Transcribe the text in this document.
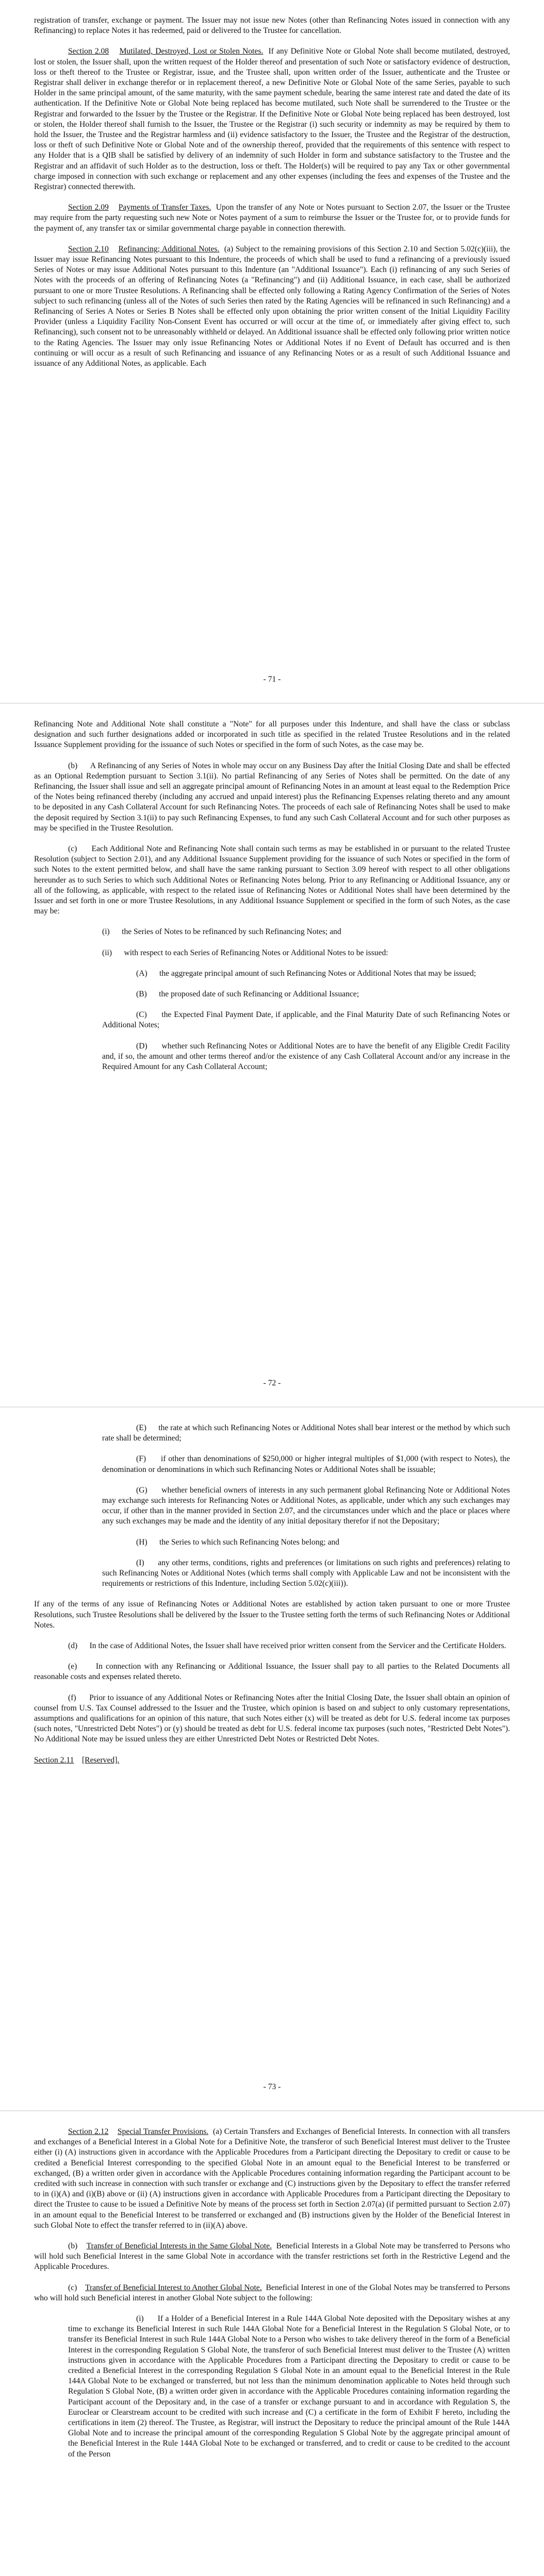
registration of transfer, exchange or payment. The Issuer may not issue new Notes (other than Refinancing Notes issued in connection with any Refinancing) to replace Notes it has redeemed, paid or delivered to the Trustee for cancellation.

Section 2.08 Mutilated, Destroyed, Lost or Stolen Notes. If any Definitive Note or Global Note shall become mutilated, destroyed, lost or stolen, the Issuer shall, upon the written request of the Holder thereof and presentation of such Note or satisfactory evidence of destruction, loss or theft thereof to the Trustee or Registrar, issue, and the Trustee shall, upon written order of the Issuer, authenticate and the Trustee or Registrar shall deliver in exchange therefor or in replacement thereof, a new Definitive Note or Global Note of the same Series, payable to such Holder in the same principal amount, of the same maturity, with the same payment schedule, bearing the same interest rate and dated the date of its authentication. If the Definitive Note or Global Note being replaced has become mutilated, such Note shall be surrendered to the Trustee or the Registrar and forwarded to the Issuer by the Trustee or the Registrar. If the Definitive Note or Global Note being replaced has been destroyed, lost or stolen, the Holder thereof shall furnish to the Issuer, the Trustee or the Registrar (i) such security or indemnity as may be required by them to hold the Issuer, the Trustee and the Registrar harmless and (ii) evidence satisfactory to the Issuer, the Trustee and the Registrar of the destruction, loss or theft of such Definitive Note or Global Note and of the ownership thereof, provided that the requirements of this sentence with respect to any Holder that is a QIB shall be satisfied by delivery of an indemnity of such Holder in form and substance satisfactory to the Trustee and the Registrar and an affidavit of such Holder as to the destruction, loss or theft. The Holder(s) will be required to pay any Tax or other governmental charge imposed in connection with such exchange or replacement and any other expenses (including the fees and expenses of the Trustee and the Registrar) connected therewith.

Section 2.09 Payments of Transfer Taxes. Upon the transfer of any Note or Notes pursuant to Section 2.07, the Issuer or the Trustee may require from the party requesting such new Note or Notes payment of a sum to reimburse the Issuer or the Trustee for, or to provide funds for the payment of, any transfer tax or similar governmental charge payable in connection therewith.

Section 2.10 Refinancing; Additional Notes. (a) Subject to the remaining provisions of this Section 2.10 and Section 5.02(c)(iii), the Issuer may issue Refinancing Notes pursuant to this Indenture, the proceeds of which shall be used to fund a refinancing of a previously issued Series of Notes or may issue Additional Notes pursuant to this Indenture (an "Additional Issuance"). Each (i) refinancing of any such Series of Notes with the proceeds of an offering of Refinancing Notes (a "Refinancing") and (ii) Additional Issuance, in each case, shall be authorized pursuant to one or more Trustee Resolutions. A Refinancing shall be effected only following a Rating Agency Confirmation of the Series of Notes subject to such refinancing (unless all of the Notes of such Series then rated by the Rating Agencies will be refinanced in such Refinancing) and a Refinancing of Series A Notes or Series B Notes shall be effected only upon obtaining the prior written consent of the Initial Liquidity Facility Provider (unless a Liquidity Facility Non-Consent Event has occurred or will occur at the time of, or immediately after giving effect to, such Refinancing), such consent not to be unreasonably withheld or delayed. An Additional issuance shall be effected only following prior written notice to the Rating Agencies. The Issuer may only issue Refinancing Notes or Additional Notes if no Event of Default has occurred and is then continuing or will occur as a result of such Refinancing and issuance of any Refinancing Notes or as a result of such Additional Issuance and issuance of any Additional Notes, as applicable. Each

- 71 -

Refinancing Note and Additional Note shall constitute a "Note" for all purposes under this Indenture, and shall have the class or subclass designation and such further designations added or incorporated in such title as specified in the related Trustee Resolutions and in the related Issuance Supplement providing for the issuance of such Notes or specified in the form of such Notes, as the case may be.

(b)      A Refinancing of any Series of Notes in whole may occur on any Business Day after the Initial Closing Date and shall be effected as an Optional Redemption pursuant to Section 3.1(ii). No partial Refinancing of any Series of Notes shall be permitted. On the date of any Refinancing, the Issuer shall issue and sell an aggregate principal amount of Refinancing Notes in an amount at least equal to the Redemption Price of the Notes being refinanced thereby (including any accrued and unpaid interest) plus the Refinancing Expenses relating thereto and any amount to be deposited in any Cash Collateral Account for such Refinancing Notes. The proceeds of each sale of Refinancing Notes shall be used to make the deposit required by Section 3.1(ii) to pay such Refinancing Expenses, to fund any such Cash Collateral Account and for such other purposes as may be specified in the Trustee Resolution.

(c)      Each Additional Note and Refinancing Note shall contain such terms as may be established in or pursuant to the related Trustee Resolution (subject to Section 2.01), and any Additional Issuance Supplement providing for the issuance of such Notes or specified in the form of such Notes to the extent permitted below, and shall have the same ranking pursuant to Section 3.09 hereof with respect to all other obligations hereunder as to such Series to which such Additional Notes or Refinancing Notes belong. Prior to any Refinancing or Additional Issuance, any or all of the following, as applicable, with respect to the related issue of Refinancing Notes or Additional Notes shall have been determined by the Issuer and set forth in one or more Trustee Resolutions, in any Additional Issuance Supplement or specified in the form of such Notes, as the case may be:

(i)      the Series of Notes to be refinanced by such Refinancing Notes; and

(ii)      with respect to each Series of Refinancing Notes or Additional Notes to be issued:

(A)      the aggregate principal amount of such Refinancing Notes or Additional Notes that may be issued;

(B)      the proposed date of such Refinancing or Additional Issuance;

(C)      the Expected Final Payment Date, if applicable, and the Final Maturity Date of such Refinancing Notes or Additional Notes;

(D)      whether such Refinancing Notes or Additional Notes are to have the benefit of any Eligible Credit Facility and, if so, the amount and other terms thereof and/or the existence of any Cash Collateral Account and/or any increase in the Required Amount for any Cash Collateral Account;

- 72 -

(E)      the rate at which such Refinancing Notes or Additional Notes shall bear interest or the method by which such rate shall be determined;

(F)      if other than denominations of $250,000 or higher integral multiples of $1,000 (with respect to Notes), the denomination or denominations in which such Refinancing Notes or Additional Notes shall be issuable;

(G)      whether beneficial owners of interests in any such permanent global Refinancing Note or Additional Notes may exchange such interests for Refinancing Notes or Additional Notes, as applicable, under which any such exchanges may occur, if other than in the manner provided in Section 2.07, and the circumstances under which and the place or places where any such exchanges may be made and the identity of any initial depositary therefor if not the Depositary;

(H)      the Series to which such Refinancing Notes belong; and

(I)      any other terms, conditions, rights and preferences (or limitations on such rights and preferences) relating to such Refinancing Notes or Additional Notes (which terms shall comply with Applicable Law and not be inconsistent with the requirements or restrictions of this Indenture, including Section 5.02(c)(iii)).

If any of the terms of any issue of Refinancing Notes or Additional Notes are established by action taken pursuant to one or more Trustee Resolutions, such Trustee Resolutions shall be delivered by the Issuer to the Trustee setting forth the terms of such Refinancing Notes or Additional Notes.

(d)      In the case of Additional Notes, the Issuer shall have received prior written consent from the Servicer and the Certificate Holders.

(e)      In connection with any Refinancing or Additional Issuance, the Issuer shall pay to all parties to the Related Documents all reasonable costs and expenses related thereto.

(f)      Prior to issuance of any Additional Notes or Refinancing Notes after the Initial Closing Date, the Issuer shall obtain an opinion of counsel from U.S. Tax Counsel addressed to the Issuer and the Trustee, which opinion is based on and subject to only customary representations, assumptions and qualifications for an opinion of this nature, that such Notes either (x) will be treated as debt for U.S. federal income tax purposes (such notes, "Unrestricted Debt Notes") or (y) should be treated as debt for U.S. federal income tax purposes (such notes, "Restricted Debt Notes"). No Additional Note may be issued unless they are either Unrestricted Debt Notes or Restricted Debt Notes.

Section 2.11 [Reserved].

- 73 -

Section 2.12 Special Transfer Provisions. (a) Certain Transfers and Exchanges of Beneficial Interests. In connection with all transfers and exchanges of a Beneficial Interest in a Global Note for a Definitive Note, the transferor of such Beneficial Interest must deliver to the Trustee either (i) (A) instructions given in accordance with the Applicable Procedures from a Participant directing the Depositary to credit or cause to be credited a Beneficial Interest corresponding to the specified Global Note in an amount equal to the Beneficial Interest to be transferred or exchanged, (B) a written order given in accordance with the Applicable Procedures containing information regarding the Participant account to be credited with such increase in connection with such transfer or exchange and (C) instructions given by the Depositary to effect the transfer referred to in (i)(A) and (i)(B) above or (ii) (A) instructions given in accordance with Applicable Procedures from a Participant directing the Depositary to direct the Trustee to cause to be issued a Definitive Note by means of the process set forth in Section 2.07(a) (if permitted pursuant to Section 2.07) in an amount equal to the Beneficial Interest to be transferred or exchanged and (B) instructions given by the Holder of the Beneficial Interest in such Global Note to effect the transfer referred to in (ii)(A) above.

(b) Transfer of Beneficial Interests in the Same Global Note. Beneficial Interests in a Global Note may be transferred to Persons who will hold such Beneficial Interest in the same Global Note in accordance with the transfer restrictions set forth in the Restrictive Legend and the Applicable Procedures.

(c) Transfer of Beneficial Interest to Another Global Note. Beneficial Interest in one of the Global Notes may be transferred to Persons who will hold such Beneficial interest in another Global Note subject to the following:

(i)      If a Holder of a Beneficial Interest in a Rule 144A Global Note deposited with the Depositary wishes at any time to exchange its Beneficial Interest in such Rule 144A Global Note for a Beneficial Interest in the Regulation S Global Note, or to transfer its Beneficial Interest in such Rule 144A Global Note to a Person who wishes to take delivery thereof in the form of a Beneficial Interest in the corresponding Regulation S Global Note, the transferor of such Beneficial Interest must deliver to the Trustee (A) written instructions given in accordance with the Applicable Procedures from a Participant directing the Depositary to credit or cause to be credited a Beneficial Interest in the corresponding Regulation S Global Note in an amount equal to the Beneficial Interest in the Rule 144A Global Note to be exchanged or transferred, but not less than the minimum denomination applicable to Notes held through such Regulation S Global Note, (B) a written order given in accordance with the Applicable Procedures containing information regarding the Participant account of the Depositary and, in the case of a transfer or exchange pursuant to and in accordance with Regulation S, the Euroclear or Clearstream account to be credited with such increase and (C) a certificate in the form of Exhibit F hereto, including the certifications in item (2) thereof. The Trustee, as Registrar, will instruct the Depositary to reduce the principal amount of the Rule 144A Global Note and to increase the principal amount of the corresponding Regulation S Global Note by the aggregate principal amount of the Beneficial Interest in the Rule 144A Global Note to be exchanged or transferred, and to credit or cause to be credited to the account of the Person
